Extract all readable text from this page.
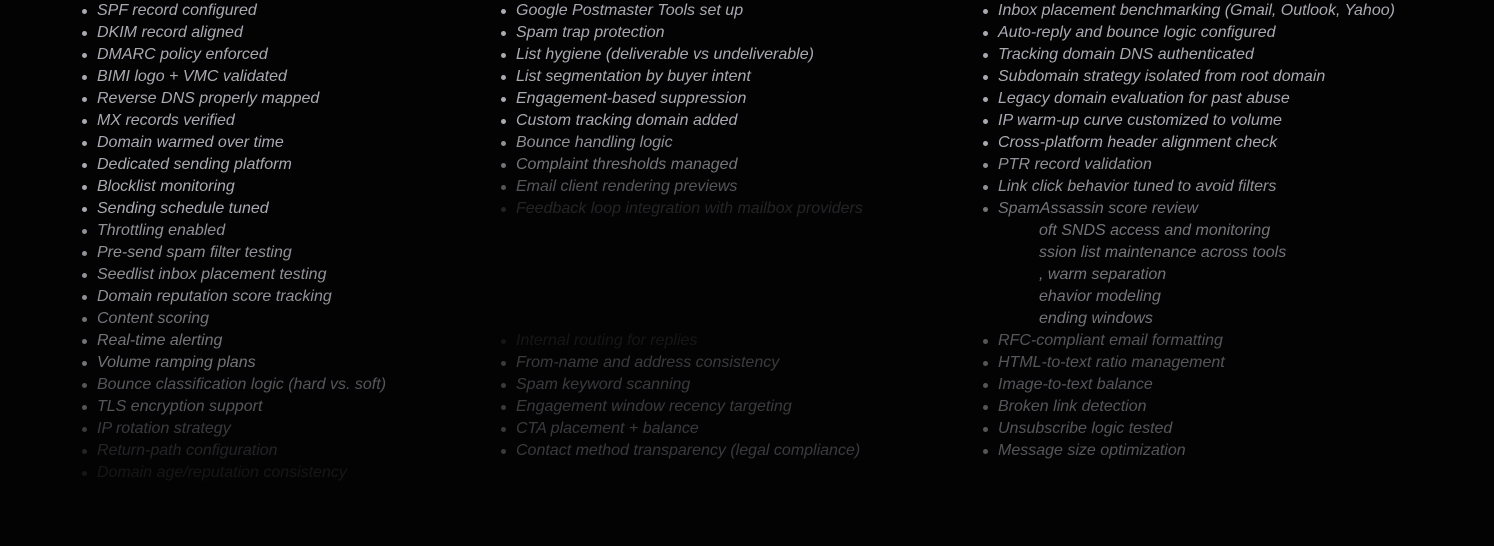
SPF record configured
DKIM record aligned
DMARC policy enforced
BIMI logo + VMC validated
Reverse DNS properly mapped
MX records verified
Domain warmed over time
Dedicated sending platform
Blocklist monitoring
Sending schedule tuned
Throttling enabled
Pre-send spam filter testing
Seedlist inbox placement testing
Domain reputation score tracking
Content scoring
Real-time alerting
Volume ramping plans
Bounce classification logic (hard vs. soft)
TLS encryption support
IP rotation strategy
Return-path configuration
Domain age/reputation consistency
Google Postmaster Tools set up
Spam trap protection
List hygiene (deliverable vs undeliverable)
List segmentation by buyer intent
Engagement-based suppression
Custom tracking domain added
Bounce handling logic
Complaint thresholds managed
Email client rendering previews
Feedback loop integration with mailbox providers
Internal routing for replies
From-name and address consistency
Spam keyword scanning
Engagement window recency targeting
CTA placement + balance
Contact method transparency (legal compliance)
Inbox placement benchmarking (Gmail, Outlook, Yahoo)
Auto-reply and bounce logic configured
Tracking domain DNS authenticated
Subdomain strategy isolated from root domain
Legacy domain evaluation for past abuse
IP warm-up curve customized to volume
Cross-platform header alignment check
PTR record validation
Link click behavior tuned to avoid filters
SpamAssassin score review
oft SNDS access and monitoring
ssion list maintenance across tools
, warm separation
ehavior modeling
ending windows
RFC-compliant email formatting
HTML-to-text ratio management
Image-to-text balance
Broken link detection
Unsubscribe logic tested
Message size optimization
